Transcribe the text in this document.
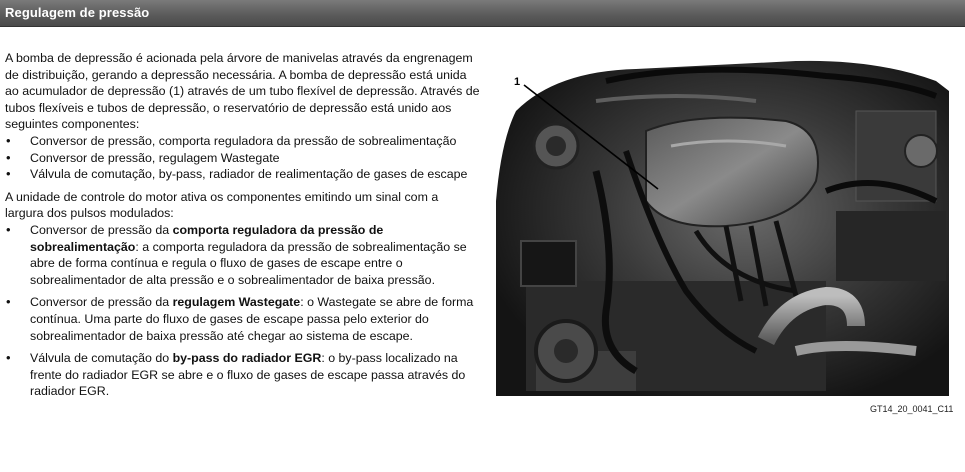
Regulagem de pressão

A bomba de depressão é acionada pela árvore de manivelas através da engrenagem de distribuição, gerando a depressão necessária. A bomba de depressão está unida ao acumulador de depressão (1) através de um tubo flexível de depressão. Através de tubos flexíveis e tubos de depressão, o reservatório de depressão está unido aos seguintes componentes:

• Conversor de pressão, comporta reguladora da pressão de sobrealimentação
• Conversor de pressão, regulagem Wastegate
• Válvula de comutação, by-pass, radiador de realimentação de gases de escape

A unidade de controle do motor ativa os componentes emitindo um sinal com a largura dos pulsos modulados:

• Conversor de pressão da comporta reguladora da pressão de sobrealimentação: a comporta reguladora da pressão de sobrealimentação se abre de forma contínua e regula o fluxo de gases de escape entre o sobrealimentador de alta pressão e o sobrealimentador de baixa pressão.
• Conversor de pressão da regulagem Wastegate: o Wastegate se abre de forma contínua. Uma parte do fluxo de gases de escape passa pelo exterior do sobrealimentador de baixa pressão até chegar ao sistema de escape.
• Válvula de comutação do by-pass do radiador EGR: o by-pass localizado na frente do radiador EGR se abre e o fluxo de gases de escape passa através do radiador EGR.
1
GT14_20_0041_C11
